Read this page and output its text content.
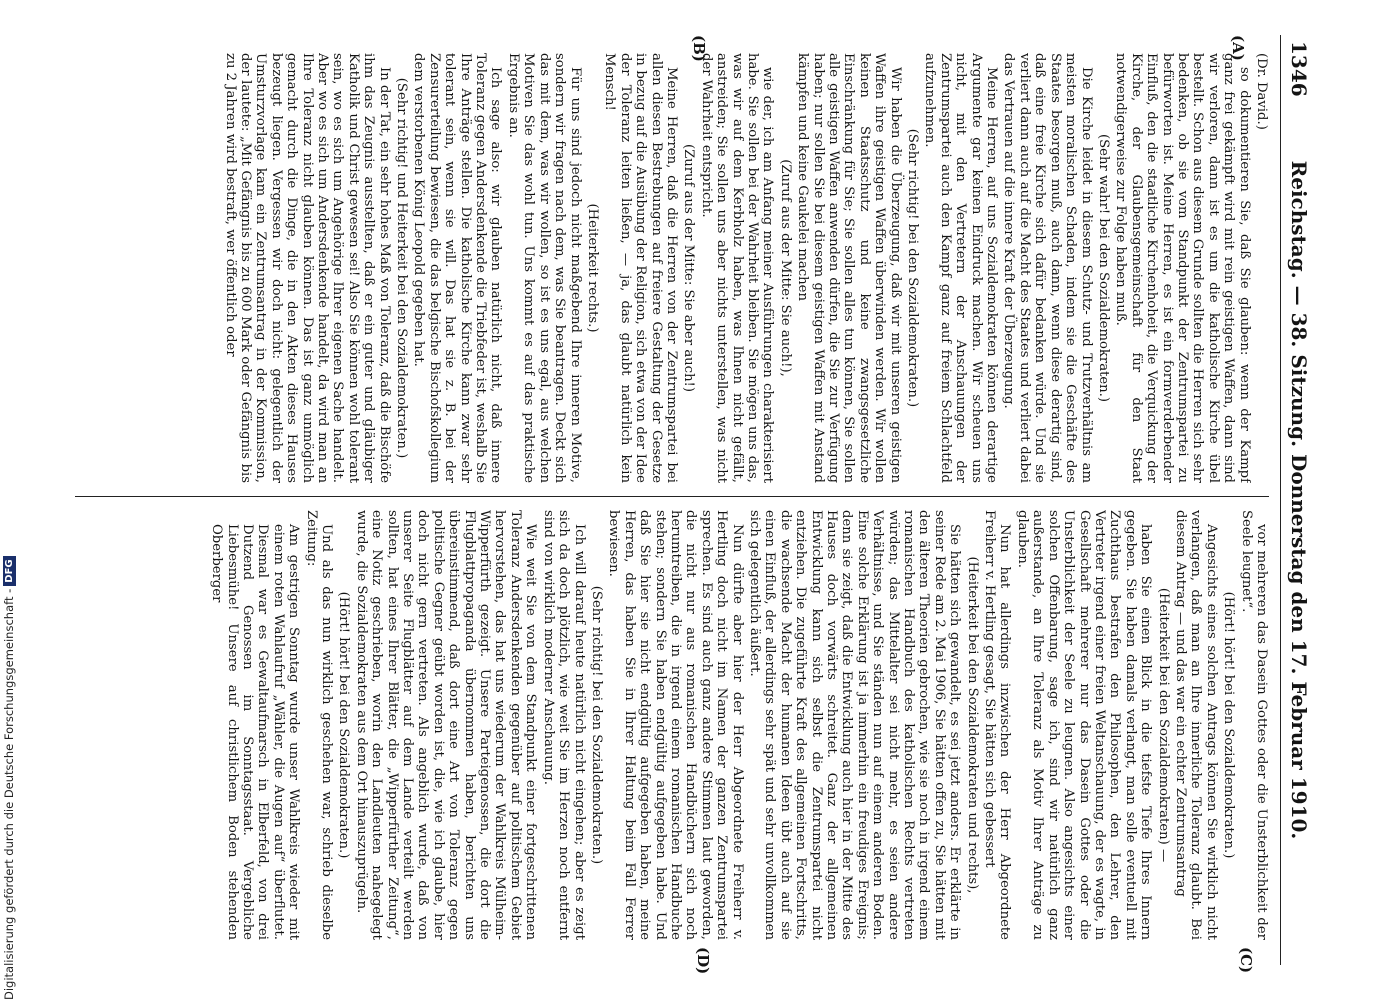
1346
Reichstag. — 38. Sitzung. Donnerstag den 17. Februar 1910.
(A)
(B)
(C)
(D)

(Dr. David.)

so dokumentieren Sie, daß Sie glauben: wenn der Kampf ganz frei gekämpft wird mit rein geistigen Waffen, dann sind wir verloren, dann ist es um die katholische Kirche übel bestellt. Schon aus diesem Grunde sollten die Herren sich sehr bedenken, ob sie vom Standpunkt der Zentrumspartei zu befürworten ist. Meine Herren, es ist ein formverderbender Einfluß, den die staatliche Kirchenhoheit, die Verquickung der Kirche, der Glaubensgemeinschaft für den Staat notwendigerweise zur Folge haben muß.

(Sehr wahr! bei den Sozialdemokraten.)

Die Kirche leidet in diesem Schutz- und Trutzverhältnis am meisten moralischen Schaden, indem sie die Geschäfte des Staates besorgen muß, auch dann, wenn diese derartig sind, daß eine freie Kirche sich dafür bedanken würde. Und sie verliert dann auch auf die Macht des Staates und verliert dabei das Vertrauen auf die innere Kraft der Überzeugung.

Meine Herren, auf uns Sozialdemokraten können derartige Argumente gar keinen Eindruck machen. Wir scheuen uns nicht, mit den Vertretern der Anschauungen der Zentrumspartei auch den Kampf ganz auf freiem Schlachtfeld aufzunehmen.

(Sehr richtig! bei den Sozialdemokraten.)

Wir haben die Überzeugung, daß wir mit unseren geistigen Waffen ihre geistigen Waffen überwinden werden. Wir wollen keinen Staatsschutz und keine zwangsgesetzliche Einschränkung für Sie; Sie sollen alles tun können, Sie sollen alle geistigen Waffen anwenden dürfen, die Sie zur Verfügung haben; nur sollen Sie bei diesem geistigen Waffen mit Anstand kämpfen und keine Gaukelei machen

(Zuruf aus der Mitte: Sie auch!),

wie der, ich am Anfang meiner Ausführungen charakterisiert habe. Sie sollen bei der Wahrheit bleiben. Sie mögen uns das, was wir auf dem Kerbholz haben, was Ihnen nicht gefällt, anstreiden; Sie sollen uns aber nichts unterstellen, was nicht der Wahrheit entspricht.

(Zuruf aus der Mitte: Sie aber auch!)

Meine Herren, daß die Herren von der Zentrumspartei bei allen diesen Bestrebungen auf freiere Gestaltung der Gesetze in bezug auf die Ausübung der Religion, sich etwa von der Idee der Toleranz leiten ließen, — ja, das glaubt natürlich kein Mensch!

(Heiterkeit rechts.)

Für uns sind jedoch nicht maßgebend Ihre inneren Motive, sondern wir fragen nach dem, was Sie beantragen. Deckt sich das mit dem, was wir wollen, so ist es uns egal, aus welchen Motiven Sie das wohl tun. Uns kommt es auf das praktische Ergebnis an.

Ich sage also: wir glauben natürlich nicht, daß innere Toleranz gegen Andersdenkende die Triebfeder ist, weshalb Sie Ihre Anträge stellen. Die katholische Kirche kann zwar sehr tolerant sein, wenn sie will. Das hat sie z. B. bei der Zensurerteilung bewiesen, die das belgische Bischofskollegium dem verstorbenen König Leopold gegeben hat.

(Sehr richtig! und Heiterkeit bei den Sozialdemokraten.)

In der Tat, ein sehr hohes Maß von Toleranz, daß die Bischöfe ihm das Zeugnis ausstellten, daß er ein guter und gläubiger Katholik und Christ gewesen sei! Also Sie können wohl tolerant sein, wo es sich um Angehörige Ihrer eigenen Sache handelt. Aber wo es sich um Andersdenkende handelt, da wird man an Ihre Toleranz nicht glauben können. Das ist ganz unmöglich gemacht durch die Dinge, die in den Akten dieses Hauses bezeugt liegen. Vergessen wir doch nicht: gelegentlich der Umsturzvorlage kam ein Zentrumsantrag in der Kommission, der lautete: „Mit Gefängnis bis zu 600 Mark oder Gefängnis bis zu 2 Jahren wird bestraft, wer öffentlich oder

vor mehreren das Dasein Gottes oder die Unsterblichkeit der Seele leugnet“.

(Hört! hört! bei den Sozialdemokraten.)

Angesichts eines solchen Antrags können Sie wirklich nicht verlangen, daß man an Ihre innerliche Toleranz glaubt. Bei diesem Antrag — und das war ein echter Zentrumsantrag

(Heiterkeit bei den Sozialdemokraten) —

haben Sie einen Blick in die tiefste Tiefe Ihres Innern gegeben. Sie haben damals verlangt, man solle eventuell mit Zuchthaus bestrafen den Philosophen, den Lehrer, den Vertreter irgend einer freien Weltanschauung, der es wagte, in Gesellschaft mehrerer nur das Dasein Gottes oder die Unsterblichkeit der Seele zu leugnen. Also angesichts einer solchen Offenbarung, sage ich, sind wir natürlich ganz außerstande, an Ihre Toleranz als Motiv Ihrer Anträge zu glauben.

Nun hat allerdings inzwischen der Herr Abgeordnete Freiherr v. Hertling gesagt, Sie hätten sich gebessert

(Heiterkeit bei den Sozialdemokraten und rechts),

Sie hätten sich gewandelt, es sei jetzt anders. Er erklärte in seiner Rede am 2. Mai 1906, Sie hätten offen zu, Sie hätten mit den älteren Theorien gebrochen, wie sie noch in irgend einem romanischen Handbuch des katholischen Rechts vertreten würden; das Mittelalter sei nicht mehr, es seien andere Verhältnisse, und Sie ständen nun auf einem anderen Boden. Eine solche Erklärung ist ja immerhin ein freudiges Ereignis; denn sie zeigt, daß die Entwicklung auch hier in der Mitte des Hauses doch vorwärts schreitet. Ganz der allgemeinen Entwicklung kann sich selbst die Zentrumspartei nicht entziehen. Die zugeführte Kraft des allgemeinen Fortschritts, die wachsende Macht der humanen Ideen übt auch auf sie einen Einfluß, der allerdings sehr spät und sehr unvollkommen sich gelegentlich äußert.

Nun dürfte aber hier der Herr Abgeordnete Freiherr v. Hertling doch nicht im Namen der ganzen Zentrumspartei sprechen. Es sind auch ganz andere Stimmen laut geworden, die nicht nur aus romanischen Handbüchern sich noch herumtreiben, die in irgend einem romanischen Handbuche stehen; sondern Sie haben endgültig aufgegeben habe. Und daß Sie hier sie nicht endgültig aufgegeben haben, meine Herren, das haben Sie in Ihrer Haltung beim Fall Ferrer bewiesen.

(Sehr richtig! bei den Sozialdemokraten.)

Ich will darauf heute natürlich nicht eingehen; aber es zeigt sich da doch plötzlich, wie weit Sie im Herzen noch entfernt sind von wirklich moderner Anschauung.

Wie weit Sie von dem Standpunkt einer fortgeschrittenen Toleranz Andersdenkenden gegenüber auf politischem Gebiet hervorstehen, das hat uns wiederum der Wahlkreis Mülheim-Wipperfürth gezeigt. Unsere Parteigenossen, die dort die Flugblattpropaganda übernommen haben, berichten uns übereinstimmend, daß dort eine Art von Toleranz gegen politische Gegner geübt worden ist, die, wie ich glaube, hier doch nicht gern vertreten. Als angeblich wurde, daß von unserer Seite Flugblätter auf dem Lande verteilt werden sollten, hat eines Ihrer Blätter, die „Wipperfürther Zeitung“, eine Notiz geschrieben, worin den Landleuten nahegelegt wurde, die Sozialdemokraten aus dem Ort hinauszuprügeln.

(Hört! hört! bei den Sozialdemokraten.)

Und als das nun wirklich geschehen war, schrieb dieselbe Zeitung:

Am gestrigen Sonntag wurde unser Wahlkreis wieder mit einem roten Wahlaufruf „Wähler, die Augen auf“ überflutet. Diesmal war es Gewaltaufmarsch in Elberfeld, von drei Dutzend Genossen im Sonntagsstaat. Vergebliche Liebesmühe! Unsere auf christlichem Boden stehenden Oberberger

Digitalisierung gefördert durch die Deutsche Forschungsgemeinschaft -
DFG
